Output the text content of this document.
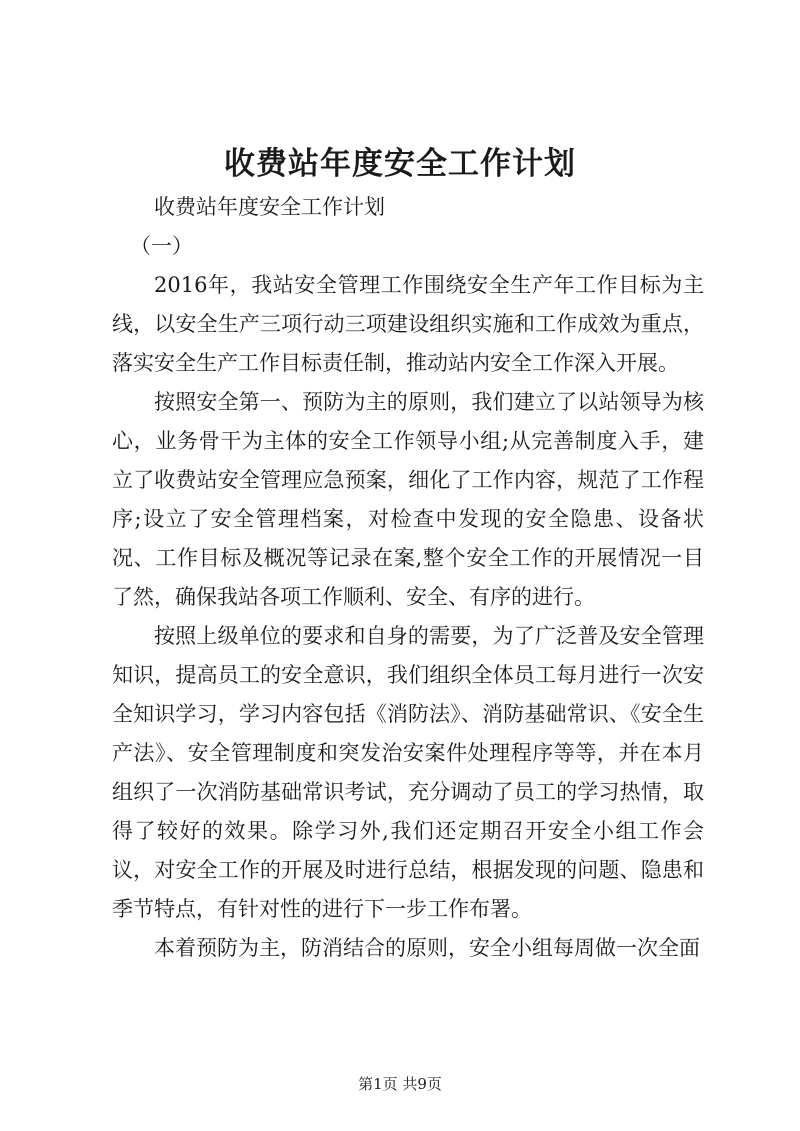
收费站年度安全工作计划

收费站年度安全工作计划

（一）

2016年，我站安全管理工作围绕安全生产年工作目标为主线，以安全生产三项行动三项建设组织实施和工作成效为重点，落实安全生产工作目标责任制，推动站内安全工作深入开展。

按照安全第一、预防为主的原则，我们建立了以站领导为核心，业务骨干为主体的安全工作领导小组;从完善制度入手，建立了收费站安全管理应急预案，细化了工作内容，规范了工作程序;设立了安全管理档案，对检查中发现的安全隐患、设备状况、工作目标及概况等记录在案,整个安全工作的开展情况一目了然，确保我站各项工作顺利、安全、有序的进行。

按照上级单位的要求和自身的需要，为了广泛普及安全管理知识，提高员工的安全意识，我们组织全体员工每月进行一次安全知识学习，学习内容包括《消防法》、消防基础常识、《安全生产法》、安全管理制度和突发治安案件处理程序等等，并在本月组织了一次消防基础常识考试，充分调动了员工的学习热情，取得了较好的效果。除学习外,我们还定期召开安全小组工作会议，对安全工作的开展及时进行总结，根据发现的问题、隐患和季节特点，有针对性的进行下一步工作布署。

本着预防为主，防消结合的原则，安全小组每周做一次全面

第1页 共9页
